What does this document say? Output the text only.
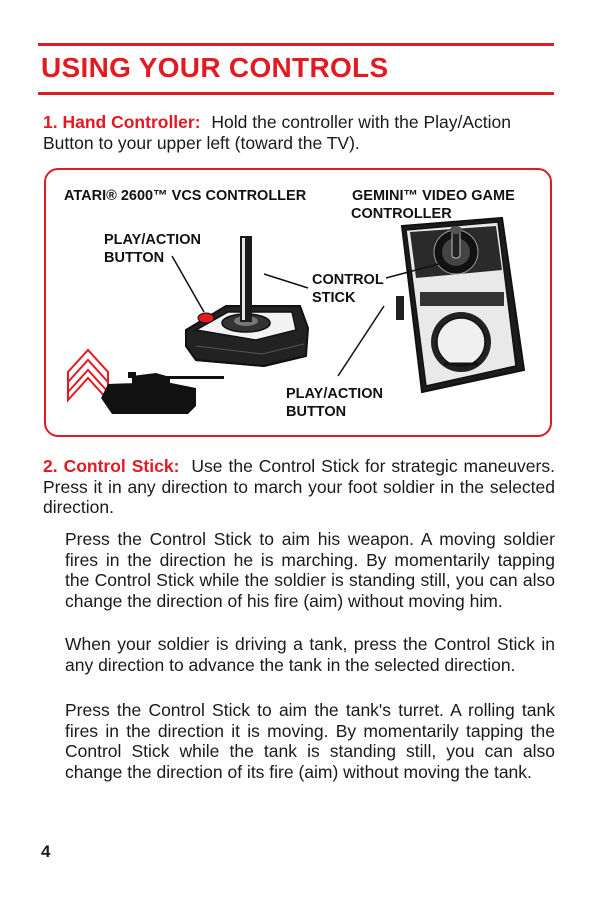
USING YOUR CONTROLS

1. Hand Controller: Hold the controller with the Play/Action Button to your upper left (toward the TV).

ATARI® 2600™ VCS CONTROLLER	GEMINI™ VIDEO GAME
CONTROLLER
PLAY/ACTION
BUTTON
CONTROL
STICK
PLAY/ACTION
BUTTON

2. Control Stick: Use the Control Stick for strategic maneuvers. Press it in any direction to march your foot soldier in the selected direction.

Press the Control Stick to aim his weapon. A moving soldier fires in the direction he is marching. By momentarily tapping the Control Stick while the soldier is standing still, you can also change the direction of his fire (aim) without moving him.

When your soldier is driving a tank, press the Control Stick in any direction to advance the tank in the selected direction.

Press the Control Stick to aim the tank's turret. A rolling tank fires in the direction it is moving. By momentarily tapping the Control Stick while the tank is standing still, you can also change the direction of its fire (aim) without moving the tank.

4
